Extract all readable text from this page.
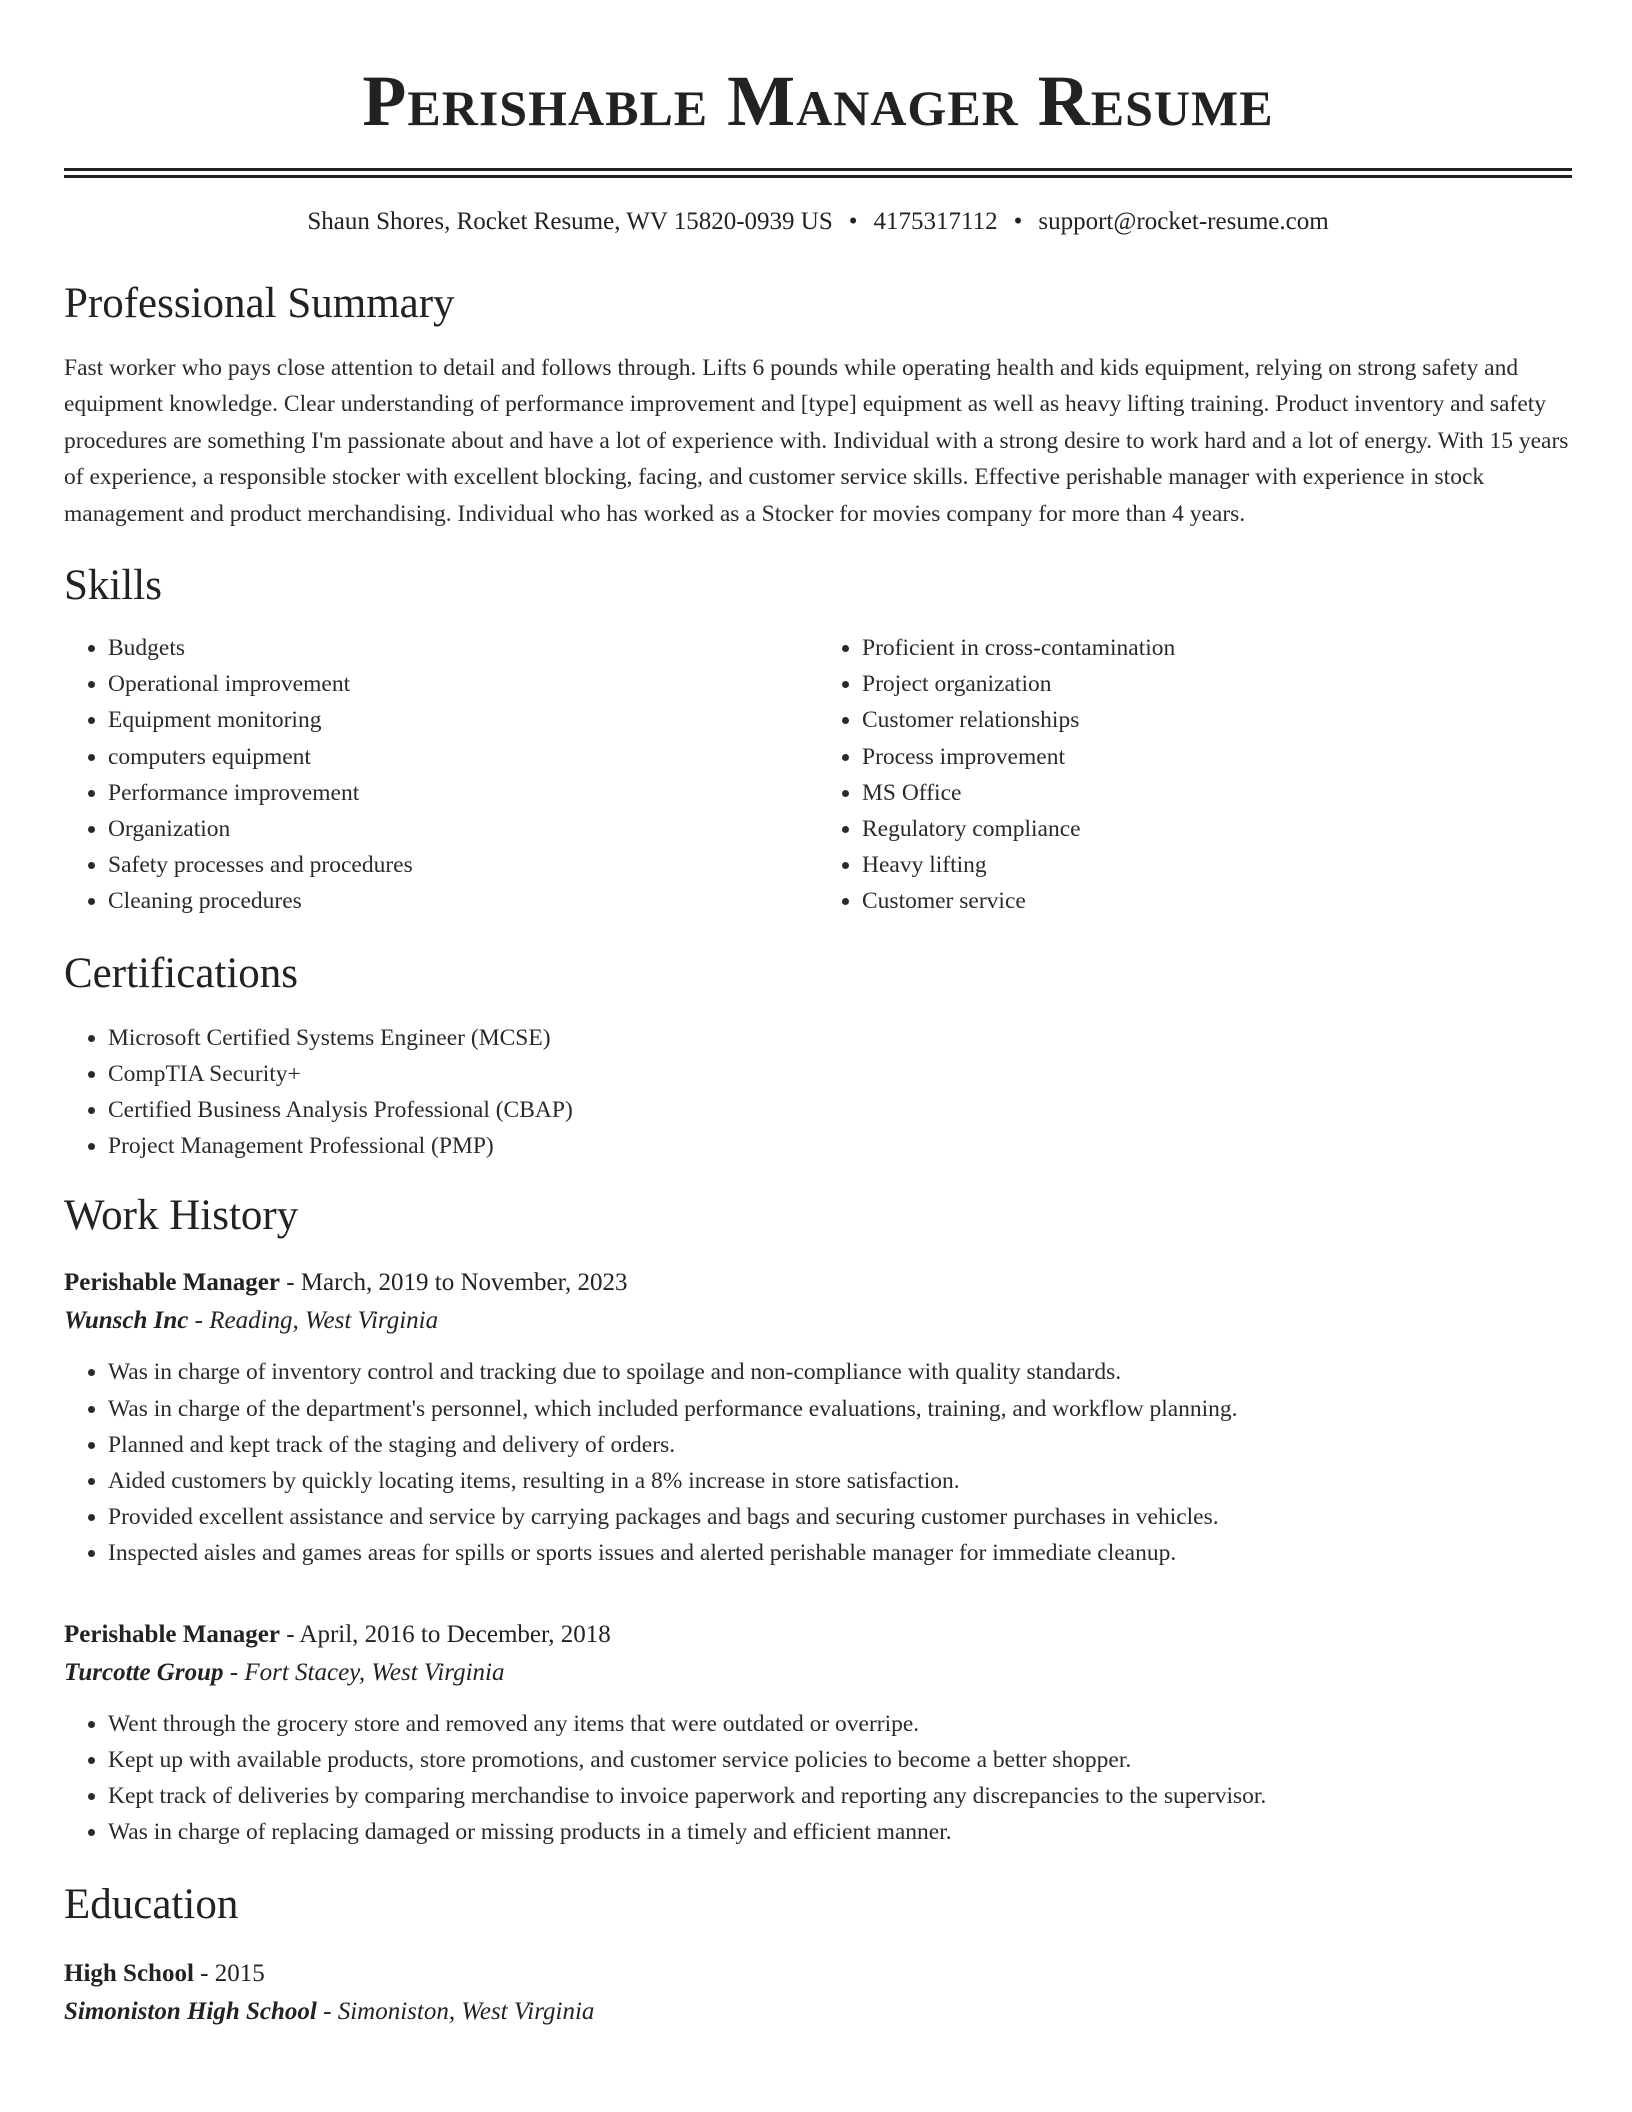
Perishable Manager Resume
Shaun Shores, Rocket Resume, WV 15820-0939 US • 4175317112 • support@rocket-resume.com
Professional Summary

Fast worker who pays close attention to detail and follows through. Lifts 6 pounds while operating health and kids equipment, relying on strong safety and equipment knowledge. Clear understanding of performance improvement and [type] equipment as well as heavy lifting training. Product inventory and safety procedures are something I'm passionate about and have a lot of experience with. Individual with a strong desire to work hard and a lot of energy. With 15 years of experience, a responsible stocker with excellent blocking, facing, and customer service skills. Effective perishable manager with experience in stock management and product merchandising. Individual who has worked as a Stocker for movies company for more than 4 years.

Skills
• Budgets
• Operational improvement
• Equipment monitoring
• computers equipment
• Performance improvement
• Organization
• Safety processes and procedures
• Cleaning procedures
• Proficient in cross-contamination
• Project organization
• Customer relationships
• Process improvement
• MS Office
• Regulatory compliance
• Heavy lifting
• Customer service
Certifications
• Microsoft Certified Systems Engineer (MCSE)
• CompTIA Security+
• Certified Business Analysis Professional (CBAP)
• Project Management Professional (PMP)
Work History
Perishable Manager - March, 2019 to November, 2023
Wunsch Inc - Reading, West Virginia
• Was in charge of inventory control and tracking due to spoilage and non-compliance with quality standards.
• Was in charge of the department's personnel, which included performance evaluations, training, and workflow planning.
• Planned and kept track of the staging and delivery of orders.
• Aided customers by quickly locating items, resulting in a 8% increase in store satisfaction.
• Provided excellent assistance and service by carrying packages and bags and securing customer purchases in vehicles.
• Inspected aisles and games areas for spills or sports issues and alerted perishable manager for immediate cleanup.
Perishable Manager - April, 2016 to December, 2018
Turcotte Group - Fort Stacey, West Virginia
• Went through the grocery store and removed any items that were outdated or overripe.
• Kept up with available products, store promotions, and customer service policies to become a better shopper.
• Kept track of deliveries by comparing merchandise to invoice paperwork and reporting any discrepancies to the supervisor.
• Was in charge of replacing damaged or missing products in a timely and efficient manner.
Education
High School - 2015
Simoniston High School - Simoniston, West Virginia
